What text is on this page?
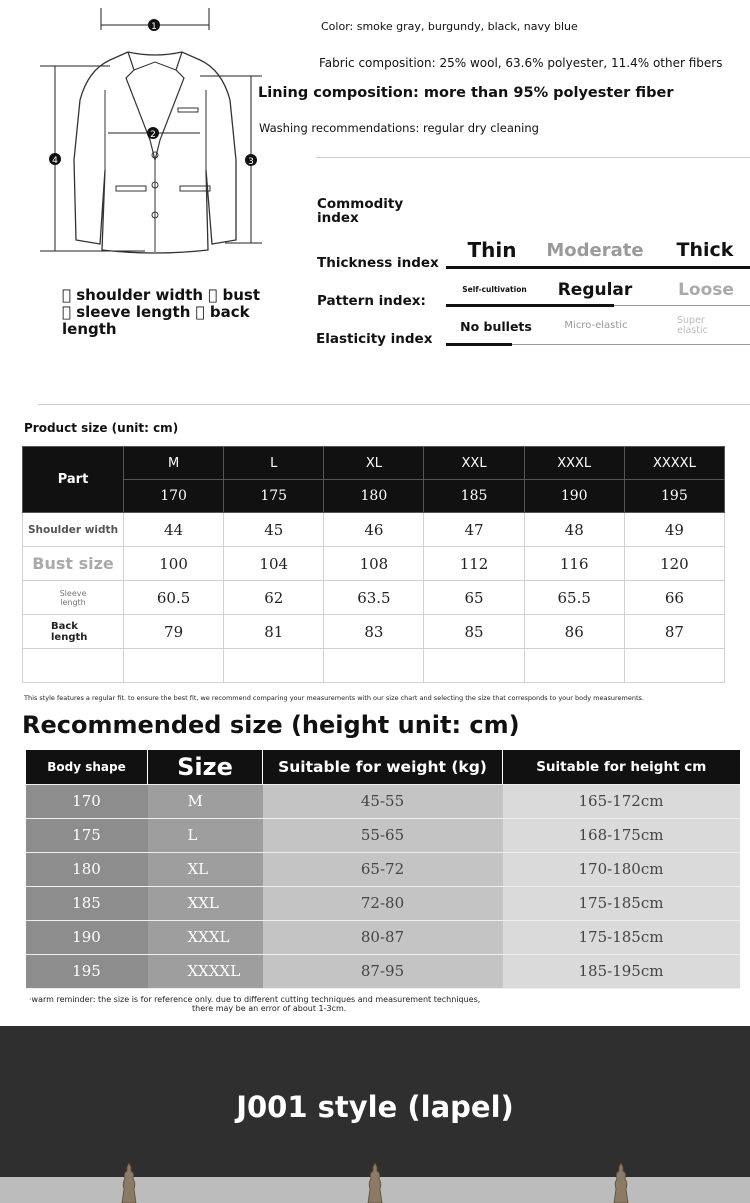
1
2
3
4
  shoulder width   bust   sleeve length   back length
Color: smoke gray, burgundy, black, navy blue
Fabric composition: 25% wool, 63.6% polyester, 11.4% other fibers
Lining composition: more than 95% polyester fiber
Washing recommendations: regular dry cleaning
Commodity index
Thickness index
Thin	Moderate	Thick
Pattern index:
Self-cultivation	Regular	Loose
Elasticity index
No bullets	Micro-elastic	Super elastic
Product size (unit: cm)
Part	M	L	XL	XXL	XXXL	XXXXL
	170	175	180	185	190	195
Shoulder width	44	45	46	47	48	49
Bust size	100	104	108	112	116	120
Sleeve length	60.5	62	63.5	65	65.5	66
Back length	79	81	83	85	86	87

This style features a regular fit. to ensure the best fit, we recommend comparing your measurements with our size chart and selecting the size that corresponds to your body measurements.
Recommended size (height unit: cm)
Body shape	Size	Suitable for weight (kg)	Suitable for height cm
170	M	45-55	165-172cm
175	L	55-65	168-175cm
180	XL	65-72	170-180cm
185	XXL	72-80	175-185cm
190	XXXL	80-87	175-185cm
195	XXXXL	87-95	185-195cm
·warm reminder: the size is for reference only. due to different cutting techniques and measurement techniques,
there may be an error of about 1-3cm.
J001 style (lapel)
